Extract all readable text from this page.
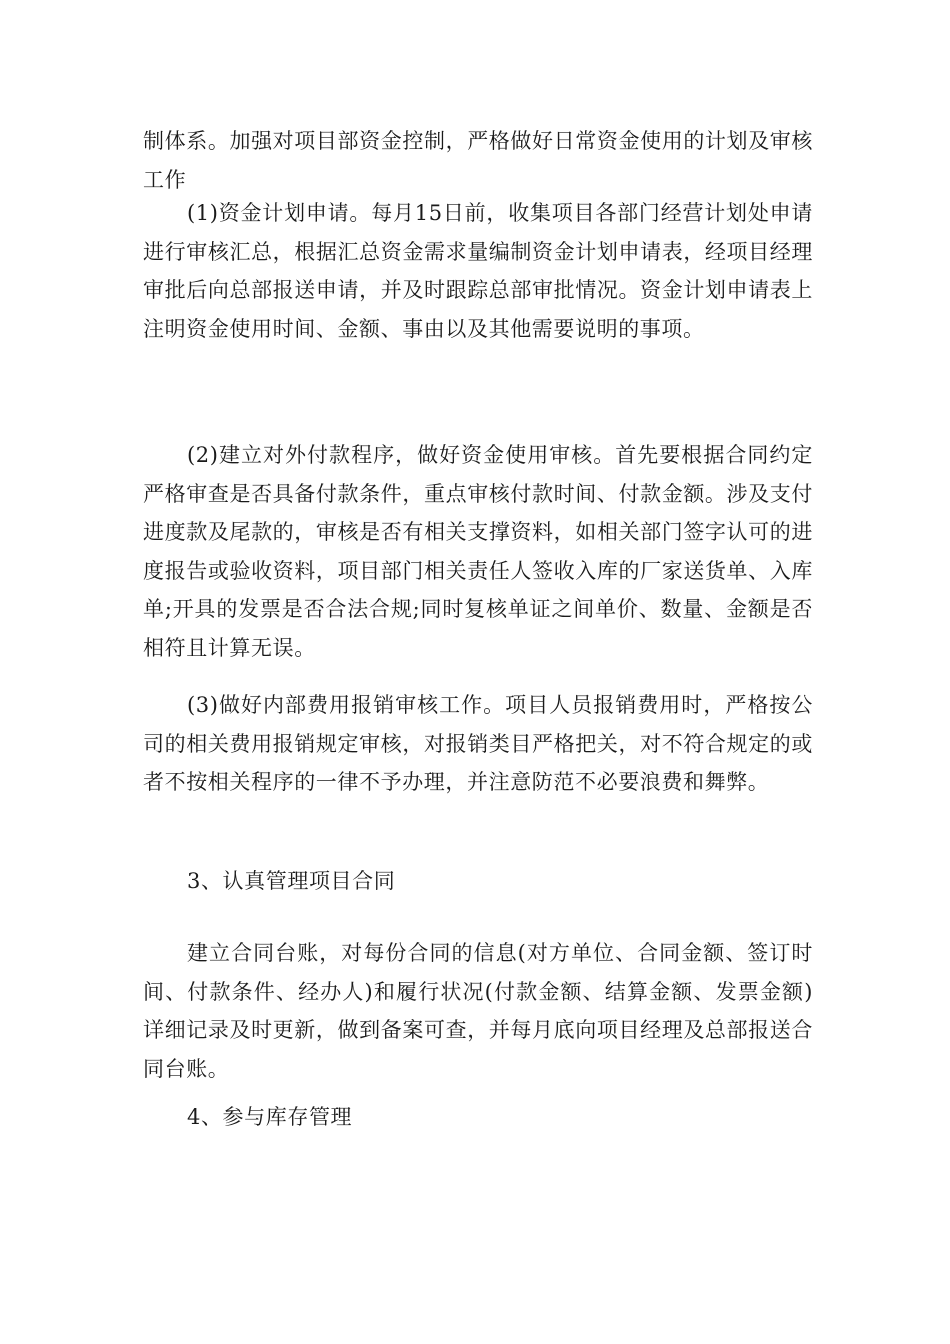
制体系。加强对项目部资金控制，严格做好日常资金使用的计划及审核工作

(1)资金计划申请。每月15日前，收集项目各部门经营计划处申请进行审核汇总，根据汇总资金需求量编制资金计划申请表，经项目经理审批后向总部报送申请，并及时跟踪总部审批情况。资金计划申请表上注明资金使用时间、金额、事由以及其他需要说明的事项。

(2)建立对外付款程序，做好资金使用审核。首先要根据合同约定严格审查是否具备付款条件，重点审核付款时间、付款金额。涉及支付进度款及尾款的，审核是否有相关支撑资料，如相关部门签字认可的进度报告或验收资料，项目部门相关责任人签收入库的厂家送货单、入库单;开具的发票是否合法合规;同时复核单证之间单价、数量、金额是否相符且计算无误。

(3)做好内部费用报销审核工作。项目人员报销费用时，严格按公司的相关费用报销规定审核，对报销类目严格把关，对不符合规定的或者不按相关程序的一律不予办理，并注意防范不必要浪费和舞弊。

3、认真管理项目合同

建立合同台账，对每份合同的信息(对方单位、合同金额、签订时间、付款条件、经办人)和履行状况(付款金额、结算金额、发票金额)详细记录及时更新，做到备案可查，并每月底向项目经理及总部报送合同台账。

4、参与库存管理
